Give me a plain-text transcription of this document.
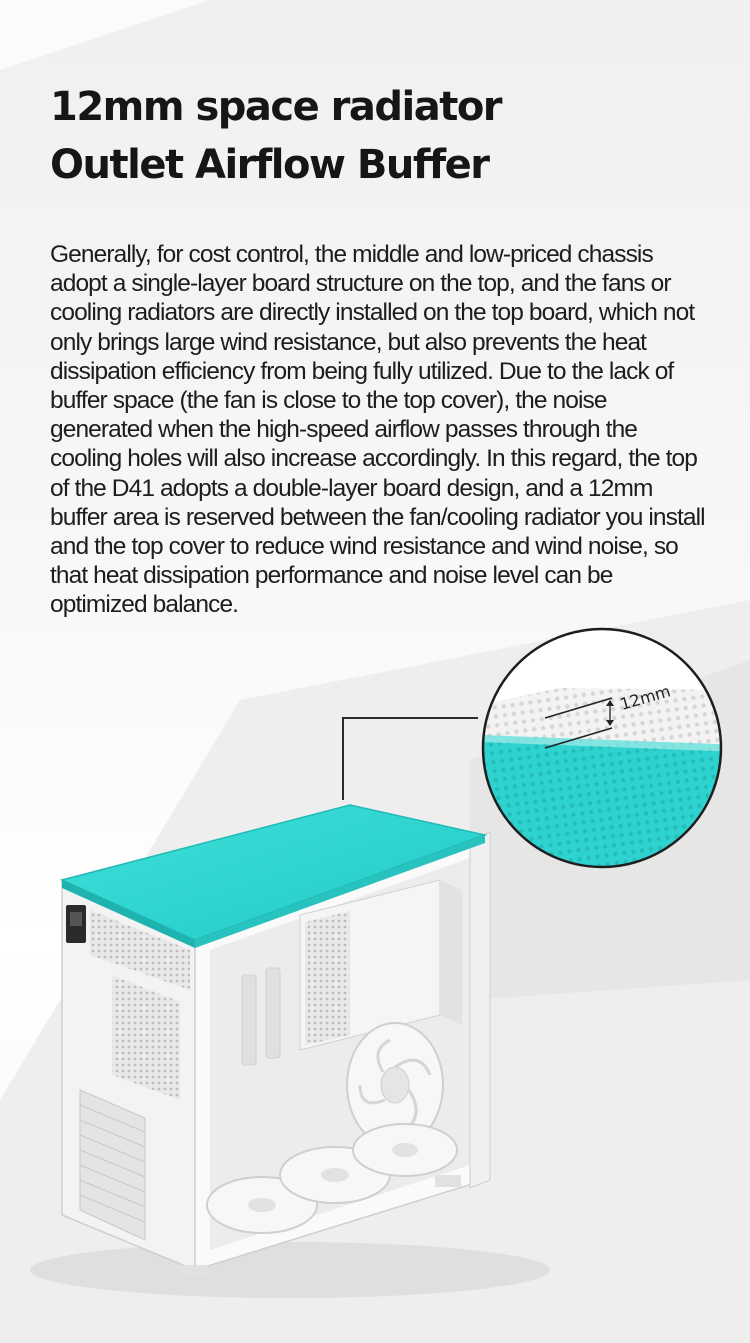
12mm space radiator
Outlet Airflow Buffer

Generally, for cost control, the middle and low-priced chassis adopt a single-layer board structure on the top, and the fans or cooling radiators are directly installed on the top board, which not only brings large wind resistance, but also prevents the heat dissipation efficiency from being fully utilized. Due to the lack of buffer space (the fan is close to the top cover), the noise generated when the high-speed airflow passes through the cooling holes will also increase accordingly. In this regard, the top of the D41 adopts a double-layer board design, and a 12mm buffer area is reserved between the fan/cooling radiator you install and the top cover to reduce wind resistance and wind noise, so that heat dissipation performance and noise level can be optimized balance.

12mm
